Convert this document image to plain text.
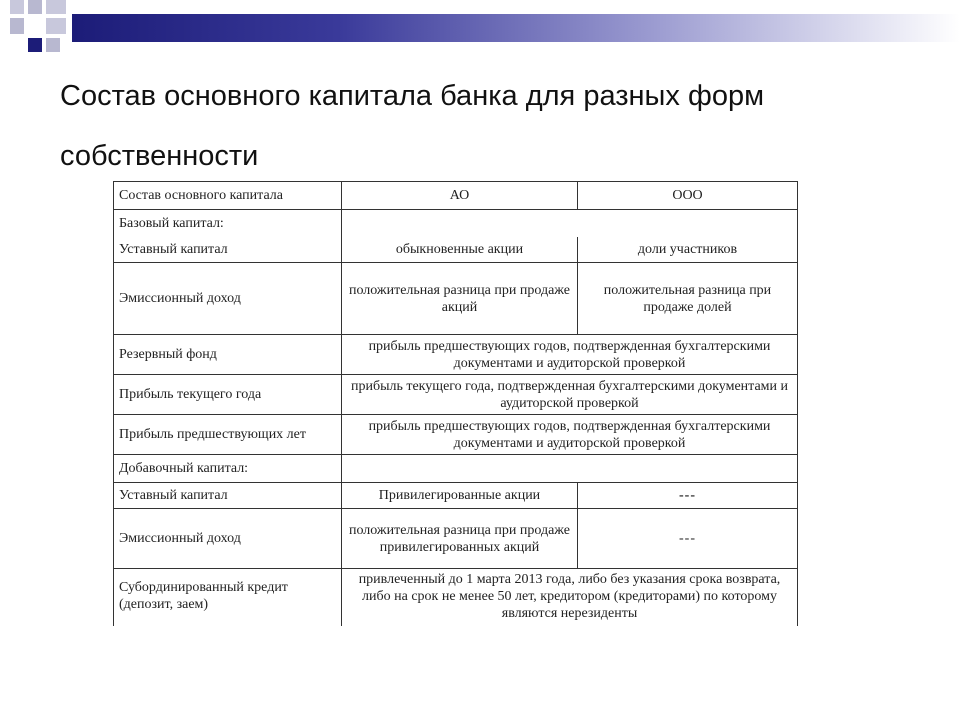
Состав основного капитала банка для разных форм
собственности
Состав основного капитала	АО	ООО
Базовый капитал:		
Уставный капитал	обыкновенные акции	доли участников
Эмиссионный доход	положительная разница при продаже акций	положительная разница при продаже долей
Резервный фонд	прибыль предшествующих годов, подтвержденная бухгалтерскими документами и аудиторской проверкой	
Прибыль текущего года	прибыль текущего года, подтвержденная бухгалтерскими документами и аудиторской проверкой	
Прибыль предшествующих лет	прибыль предшествующих годов, подтвержденная бухгалтерскими документами и аудиторской проверкой	
Добавочный капитал:		
Уставный капитал	Привилегированные акции	---
Эмиссионный доход	положительная разница при продаже привилегированных акций	---
Субординированный кредит (депозит, заем)	привлеченный до 1 марта 2013 года, либо без указания срока возврата, либо на срок не менее 50 лет, кредитором (кредиторами) по которому являются нерезиденты	
